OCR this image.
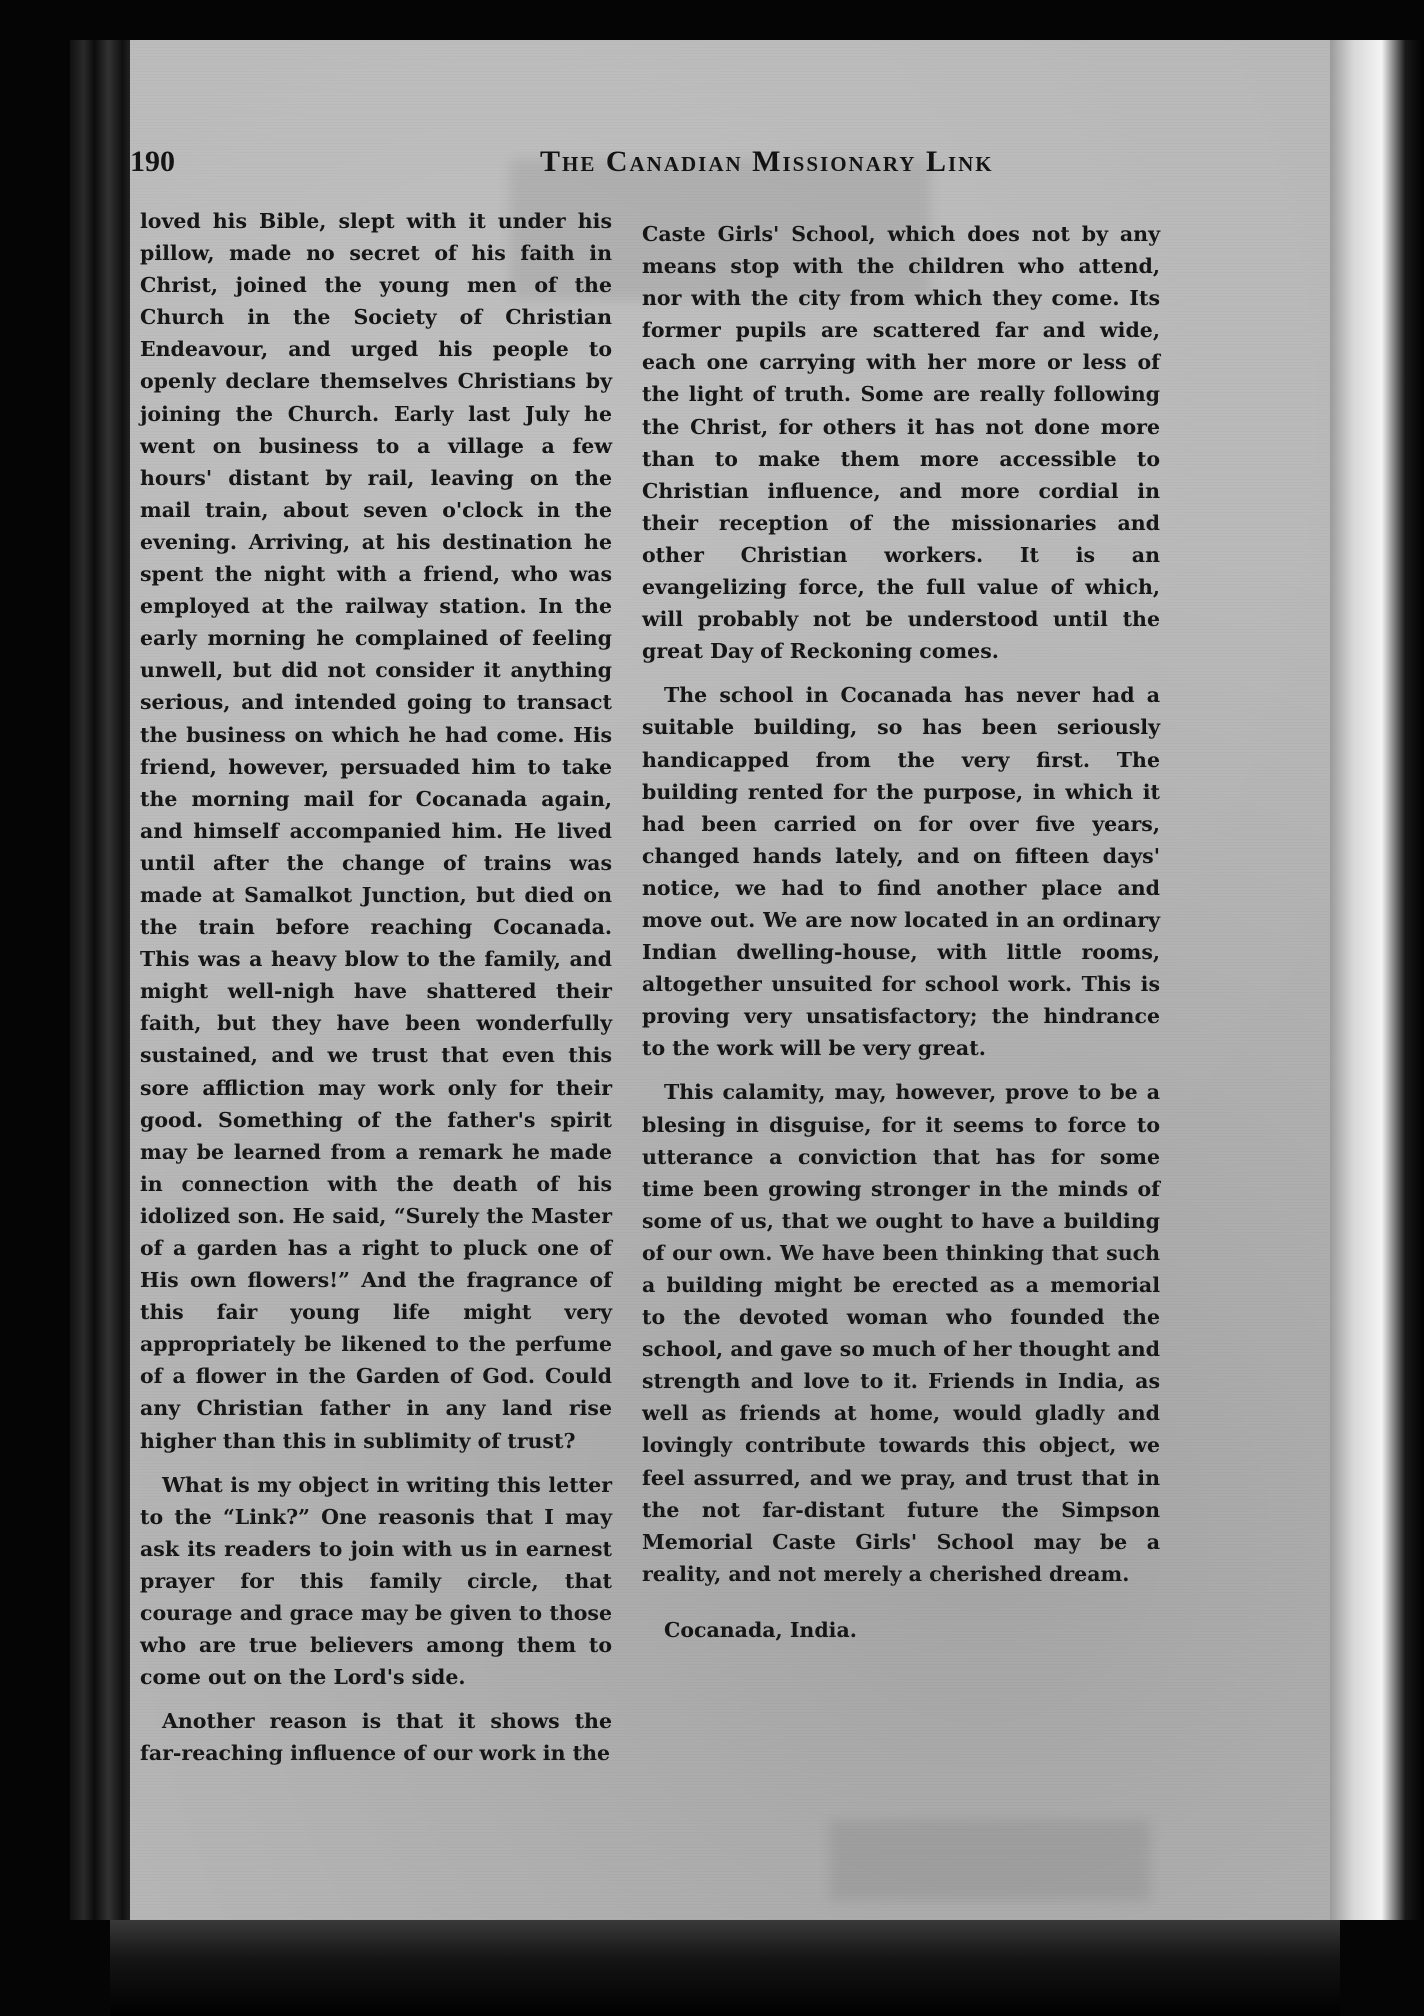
190	The Canadian Missionary Link

loved his Bible, slept with it under his pillow, made no secret of his faith in Christ, joined the young men of the Church in the Society of Christian Endeavour, and urged his people to openly declare themselves Christians by joining the Church. Early last July he went on business to a village a few hours' distant by rail, leaving on the mail train, about seven o'clock in the evening. Arriving, at his destination he spent the night with a friend, who was employed at the railway station. In the early morning he complained of feeling unwell, but did not consider it anything serious, and intended going to transact the business on which he had come. His friend, however, persuaded him to take the morning mail for Cocanada again, and himself accompanied him. He lived until after the change of trains was made at Samalkot Junction, but died on the train before reaching Cocanada. This was a heavy blow to the family, and might well-nigh have shattered their faith, but they have been wonderfully sustained, and we trust that even this sore affliction may work only for their good. Something of the father's spirit may be learned from a remark he made in connection with the death of his idolized son. He said, “Surely the Master of a garden has a right to pluck one of His own flowers!” And the fragrance of this fair young life might very appropriately be likened to the perfume of a flower in the Garden of God. Could any Christian father in any land rise higher than this in sublimity of trust?

What is my object in writing this letter to the “Link?” One reasonis that I may ask its readers to join with us in earnest prayer for this family circle, that courage and grace may be given to those who are true believers among them to come out on the Lord's side.

Another reason is that it shows the far-reaching influence of our work in the

Caste Girls' School, which does not by any means stop with the children who attend, nor with the city from which they come. Its former pupils are scattered far and wide, each one carrying with her more or less of the light of truth. Some are really following the Christ, for others it has not done more than to make them more accessible to Christian influence, and more cordial in their reception of the missionaries and other Christian workers. It is an evangelizing force, the full value of which, will probably not be understood until the great Day of Reckoning comes.

The school in Cocanada has never had a suitable building, so has been seriously handicapped from the very first. The building rented for the purpose, in which it had been carried on for over five years, changed hands lately, and on fifteen days' notice, we had to find another place and move out. We are now located in an ordinary Indian dwelling-house, with little rooms, altogether unsuited for school work. This is proving very unsatisfactory; the hindrance to the work will be very great.

This calamity, may, however, prove to be a blesing in disguise, for it seems to force to utterance a conviction that has for some time been growing stronger in the minds of some of us, that we ought to have a building of our own. We have been thinking that such a building might be erected as a memorial to the devoted woman who founded the school, and gave so much of her thought and strength and love to it. Friends in India, as well as friends at home, would gladly and lovingly contribute towards this object, we feel assurred, and we pray, and trust that in the not far-distant future the Simpson Memorial Caste Girls' School may be a reality, and not merely a cherished dream.

Cocanada, India.
